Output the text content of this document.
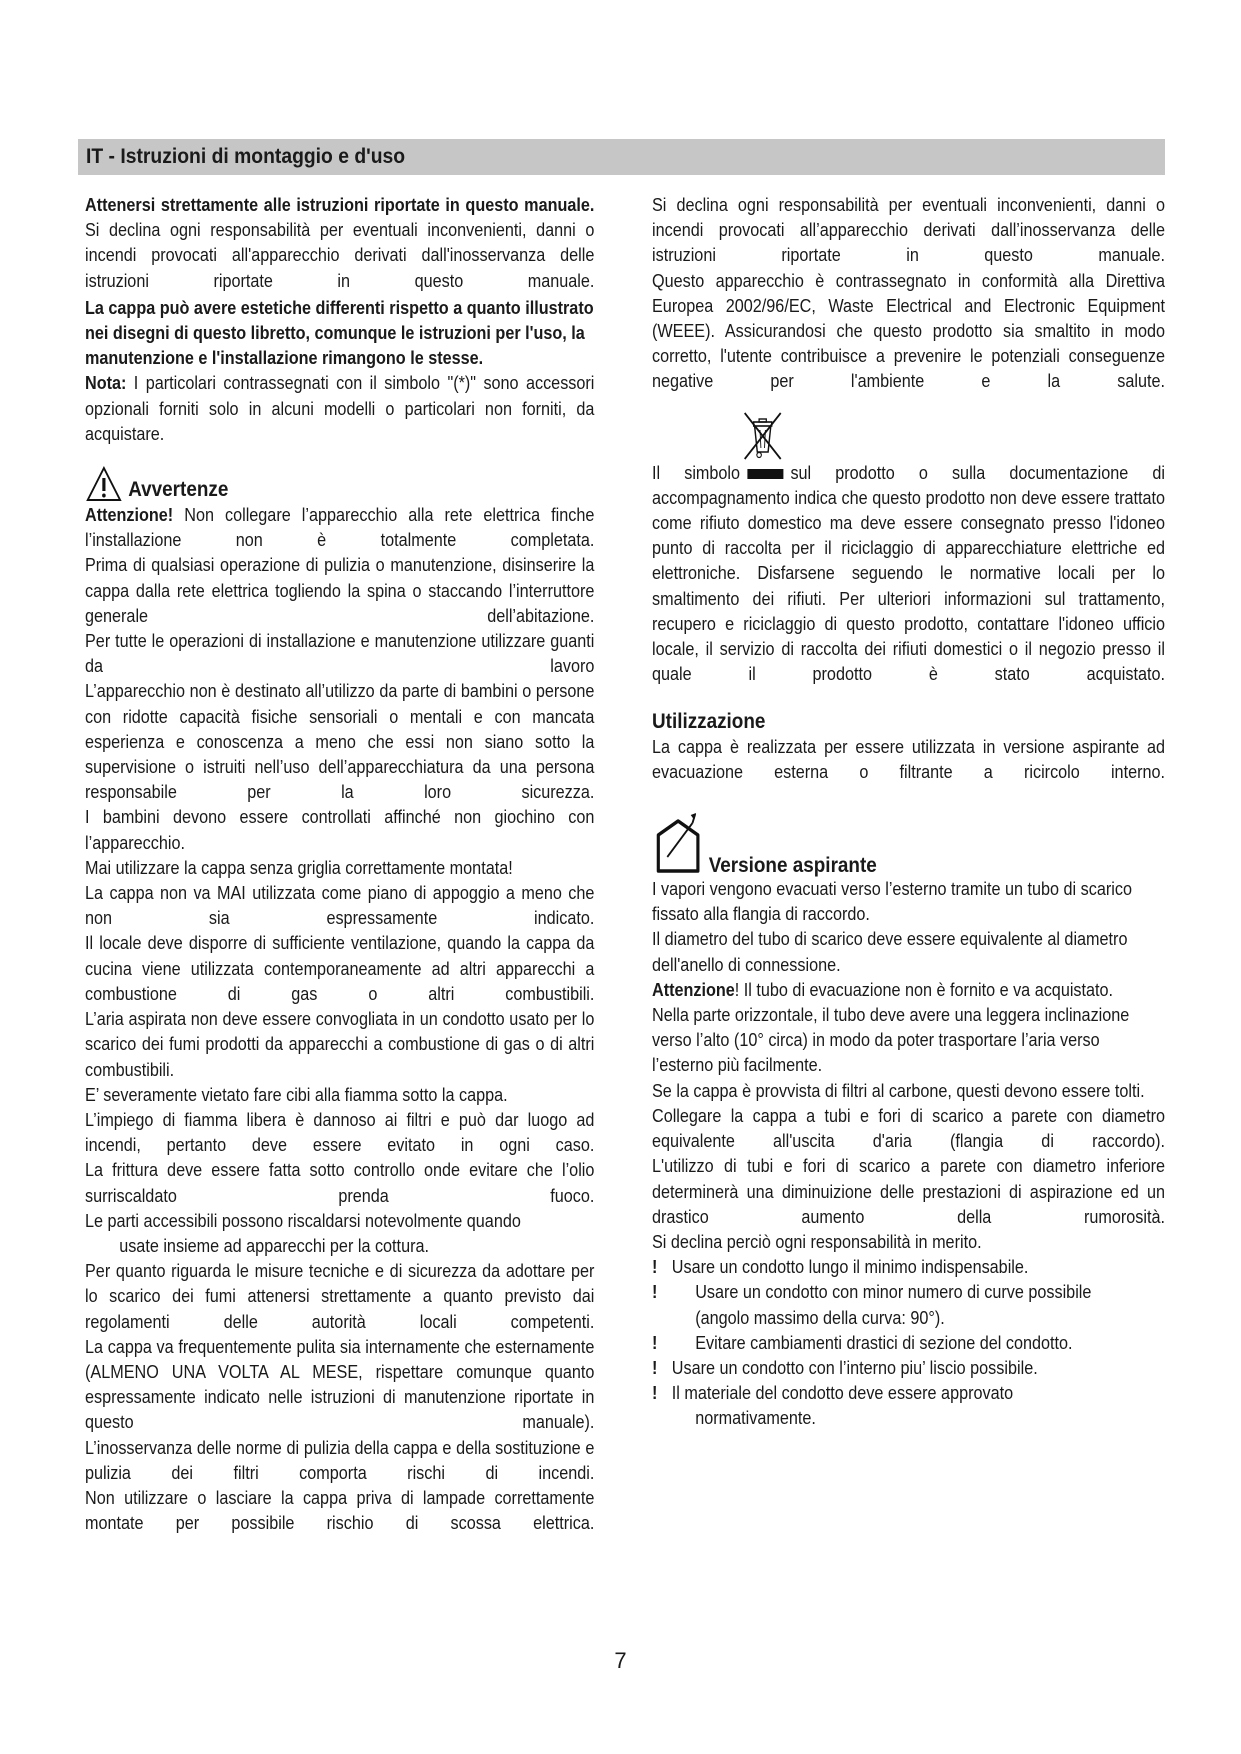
IT - Istruzioni di montaggio e d'uso

Attenersi strettamente alle istruzioni riportate in questo manuale. Si declina ogni responsabilità per eventuali inconvenienti, danni o incendi provocati all'apparecchio derivati dall'inosservanza delle istruzioni riportate in questo manuale.

La cappa può avere estetiche differenti rispetto a quanto illustrato nei disegni di questo libretto, comunque le istruzioni per l'uso, la manutenzione e l'installazione rimangono le stesse.

Nota: I particolari contrassegnati con il simbolo "(*)" sono accessori opzionali forniti solo in alcuni modelli o particolari non forniti, da acquistare.

Avvertenze

Attenzione! Non collegare l’apparecchio alla rete elettrica finche l’installazione non è totalmente completata.

Prima di qualsiasi operazione di pulizia o manutenzione, disinserire la cappa dalla rete elettrica togliendo la spina o staccando l’interruttore generale dell’abitazione.

Per tutte le operazioni di installazione e manutenzione utilizzare guanti da lavoro

L’apparecchio non è destinato all’utilizzo da parte di bambini o persone con ridotte capacità fisiche sensoriali o mentali e con mancata esperienza e conoscenza a meno che essi non siano sotto la supervisione o istruiti nell’uso dell’apparecchiatura da una persona responsabile per la loro sicurezza.

I bambini devono essere controllati affinché non giochino con l’apparecchio.

Mai utilizzare la cappa senza griglia correttamente montata!

La cappa non va MAI utilizzata come piano di appoggio a meno che non sia espressamente indicato.

Il locale deve disporre di sufficiente ventilazione, quando la cappa da cucina viene utilizzata contemporaneamente ad altri apparecchi a combustione di gas o altri combustibili.

L’aria aspirata non deve essere convogliata in un condotto usato per lo scarico dei fumi prodotti da apparecchi a combustione di gas o di altri combustibili.

E’ severamente vietato fare cibi alla fiamma sotto la cappa.

L’impiego di fiamma libera è dannoso ai filtri e può dar luogo ad incendi, pertanto deve essere evitato in ogni caso.

La frittura deve essere fatta sotto controllo onde evitare che l’olio surriscaldato prenda fuoco.

Le parti accessibili possono riscaldarsi notevolmente quando

usate insieme ad apparecchi per la cottura.

Per quanto riguarda le misure tecniche e di sicurezza da adottare per lo scarico dei fumi attenersi strettamente a quanto previsto dai regolamenti delle autorità locali competenti.

La cappa va frequentemente pulita sia internamente che esternamente (ALMENO UNA VOLTA AL MESE, rispettare comunque quanto espressamente indicato nelle istruzioni di manutenzione riportate in questo manuale).

L’inosservanza delle norme di pulizia della cappa e della sostituzione e pulizia dei filtri comporta rischi di incendi.

Non utilizzare o lasciare la cappa priva di lampade correttamente montate per possibile rischio di scossa elettrica.

Si declina ogni responsabilità per eventuali inconvenienti, danni o incendi provocati all’apparecchio derivati dall’inosservanza delle istruzioni riportate in questo manuale.

Questo apparecchio è contrassegnato in conformità alla Direttiva Europea 2002/96/EC, Waste Electrical and Electronic Equipment (WEEE). Assicurandosi che questo prodotto sia smaltito in modo corretto, l'utente contribuisce a prevenire le potenziali conseguenze negative per l'ambiente e la salute.

Il simbolo	sul prodotto o sulla documentazione di accompagnamento indica che questo prodotto non deve essere trattato come rifiuto domestico ma deve essere consegnato presso l'idoneo punto di raccolta per il riciclaggio di apparecchiature elettriche ed elettroniche. Disfarsene seguendo le normative locali per lo smaltimento dei rifiuti. Per ulteriori informazioni sul trattamento, recupero e riciclaggio di questo prodotto, contattare l'idoneo ufficio locale, il servizio di raccolta dei rifiuti domestici o il negozio presso il quale il prodotto è stato acquistato.

Utilizzazione

La cappa è realizzata per essere utilizzata in versione aspirante ad evacuazione esterna o filtrante a ricircolo interno.

Versione aspirante

I vapori vengono evacuati verso l’esterno tramite un tubo di scarico fissato alla flangia di raccordo.

Il diametro del tubo di scarico deve essere equivalente al diametro dell'anello di connessione.

Attenzione! Il tubo di evacuazione non è fornito e va acquistato.

Nella parte orizzontale, il tubo deve avere una leggera inclinazione verso l’alto (10° circa) in modo da poter trasportare l’aria verso l’esterno più facilmente.

Se la cappa è provvista di filtri al carbone, questi devono essere tolti.

Collegare la cappa a tubi e fori di scarico a parete con diametro equivalente all'uscita d'aria (flangia di raccordo).

L'utilizzo di tubi e fori di scarico a parete con diametro inferiore determinerà una diminuizione delle prestazioni di aspirazione ed un drastico aumento della rumorosità.

Si declina perciò ogni responsabilità in merito.

! Usare un condotto lungo il minimo indispensabile.
!	Usare un condotto con minor numero di curve possibile

(angolo massimo della curva: 90°).

!	Evitare cambiamenti drastici di sezione del condotto.
! Usare un condotto con l’interno piu’ liscio possibile.
! Il materiale del condotto deve essere approvato

normativamente.

7
